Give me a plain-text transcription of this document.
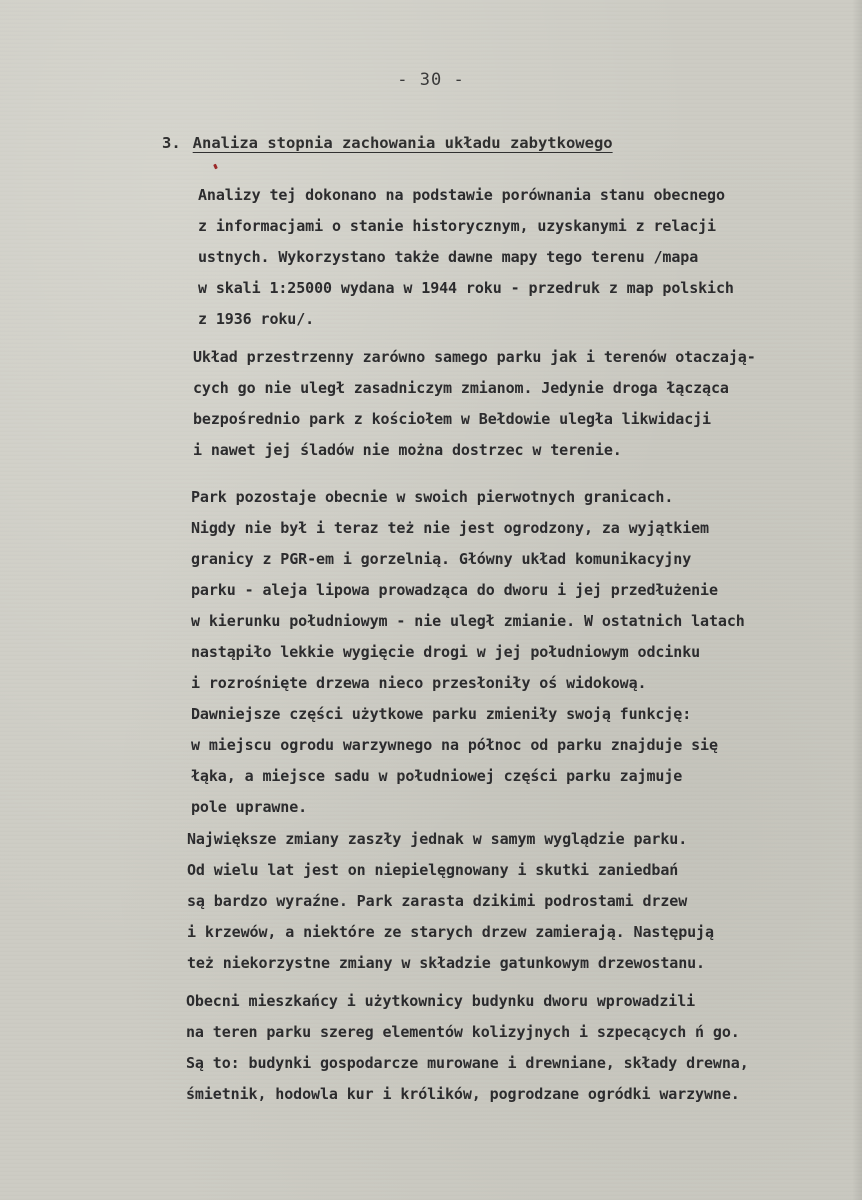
- 30 -
3. Analiza stopnia zachowania układu zabytkowego
Analizy tej dokonano na podstawie porównania stanu obecnego
z informacjami o stanie historycznym, uzyskanymi z relacji
ustnych. Wykorzystano także dawne mapy tego terenu /mapa
w skali 1:25000 wydana w 1944 roku - przedruk z map polskich
z 1936 roku/.
Układ przestrzenny zarówno samego parku jak i terenów otaczają-
cych go nie uległ zasadniczym zmianom. Jedynie droga łącząca
bezpośrednio park z kościołem w Bełdowie uległa likwidacji
i nawet jej śladów nie można dostrzec w terenie.
Park pozostaje obecnie w swoich pierwotnych granicach.
Nigdy nie był i teraz też nie jest ogrodzony, za wyjątkiem
granicy z PGR-em i gorzelnią. Główny układ komunikacyjny
parku - aleja lipowa prowadząca do dworu i jej przedłużenie
w kierunku południowym - nie uległ zmianie. W ostatnich latach
nastąpiło lekkie wygięcie drogi w jej południowym odcinku
i rozrośnięte drzewa nieco przesłoniły oś widokową.
Dawniejsze części użytkowe parku zmieniły swoją funkcję:
w miejscu ogrodu warzywnego na północ od parku znajduje się
łąka, a miejsce sadu w południowej części parku zajmuje
pole uprawne.
Największe zmiany zaszły jednak w samym wyglądzie parku.
Od wielu lat jest on niepielęgnowany i skutki zaniedbań
są bardzo wyraźne. Park zarasta dzikimi podrostami drzew
i krzewów, a niektóre ze starych drzew zamierają. Następują
też niekorzystne zmiany w składzie gatunkowym drzewostanu.
Obecni mieszkańcy i użytkownicy budynku dworu wprowadzili
na teren parku szereg elementów kolizyjnych i szpecących ń go.
Są to: budynki gospodarcze murowane i drewniane, składy drewna,
śmietnik, hodowla kur i królików, pogrodzane ogródki warzywne.
